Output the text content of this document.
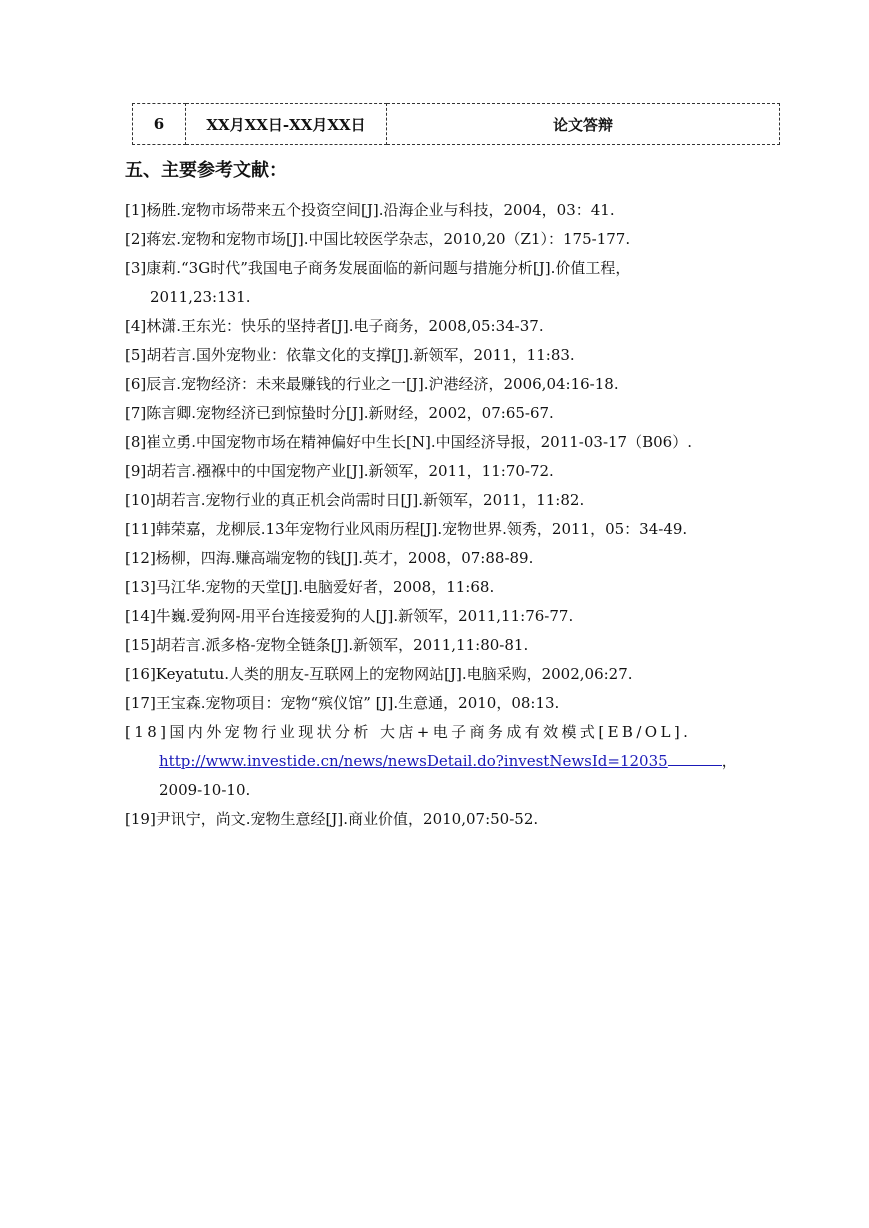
6	XX月XX日-XX月XX日	论文答辩
五、主要参考文献：
[1]杨胜.宠物市场带来五个投资空间[J].沿海企业与科技，2004，03：41.
[2]蒋宏.宠物和宠物市场[J].中国比较医学杂志，2010,20（Z1）：175-177.
[3]康莉.“3G时代”我国电子商务发展面临的新问题与措施分析[J].价值工程，
2011,23:131.
[4]林潇.王东光：快乐的坚持者[J].电子商务，2008,05:34-37.
[5]胡若言.国外宠物业：依靠文化的支撑[J].新领军，2011，11:83.
[6]辰言.宠物经济：未来最赚钱的行业之一[J].沪港经济，2006,04:16-18.
[7]陈言卿.宠物经济已到惊蛰时分[J].新财经，2002，07:65-67.
[8]崔立勇.中国宠物市场在精神偏好中生长[N].中国经济导报，2011-03-17（B06）.
[9]胡若言.襁褓中的中国宠物产业[J].新领军，2011，11:70-72.
[10]胡若言.宠物行业的真正机会尚需时日[J].新领军，2011，11:82.
[11]韩荣嘉，龙柳辰.13年宠物行业风雨历程[J].宠物世界.领秀，2011，05：34-49.
[12]杨柳，四海.赚高端宠物的钱[J].英才，2008，07:88-89.
[13]马江华.宠物的天堂[J].电脑爱好者，2008，11:68.
[14]牛巍.爱狗网-用平台连接爱狗的人[J].新领军，2011,11:76-77.
[15]胡若言.派多格-宠物全链条[J].新领军，2011,11:80-81.
[16]Keyatutu.人类的朋友-互联网上的宠物网站[J].电脑采购，2002,06:27.
[17]王宝森.宠物项目：宠物“殡仪馆” [J].生意通，2010，08:13.
[18]国内外宠物行业现状分析 大店+电子商务成有效模式[EB/OL].
http://www.investide.cn/news/newsDetail.do?investNewsId=12035	，
2009-10-10.
[19]尹讯宁，尚文.宠物生意经[J].商业价值，2010,07:50-52.
